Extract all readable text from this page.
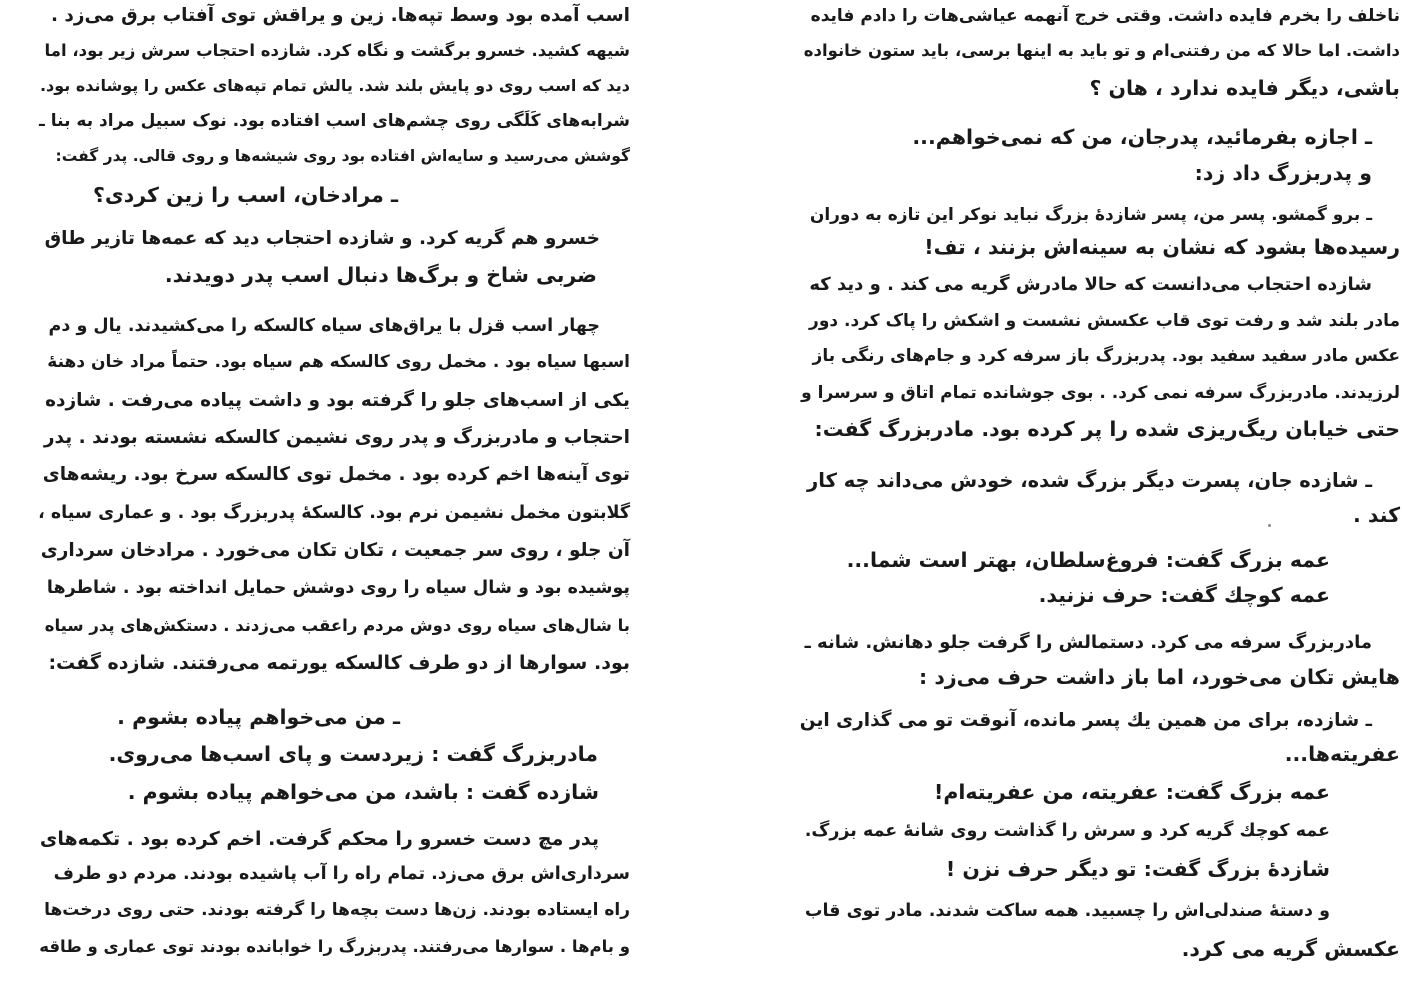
اسب آمده بود وسط تپه‌ها. زین و یراقش توی آفتاب برق می‌زد .
شیهه کشید. خسرو برگشت و نگاه کرد. شازده احتجاب سرش زیر بود، اما
دید که اسب روی دو پایش بلند شد. یالش تمام تپه‌های عکس را پوشانده بود.
شرابه‌های کَلَگی روی چشم‌های اسب افتاده بود. نوک سبیل مراد به بنا ـ
گوشش می‌رسید و سایه‌اش افتاده بود روی شیشه‌ها و روی قالی. پدر گفت:
ـ مرادخان، اسب را زین کردی؟
خسرو هم گریه کرد. و شازده احتجاب دید که عمه‌ها تازیر طاق
ضربی شاخ و برگ‌ها دنبال اسب پدر دویدند.
چهار اسب قزل با یراق‌های سیاه کالسکه را می‌کشیدند. یال و دم
اسبها سیاه بود . مخمل روی کالسکه هم سیاه بود. حتماً مراد خان دهنهٔ
یکی از اسب‌های جلو را گرفته بود و داشت پیاده می‌رفت . شازده
احتجاب و مادربزرگ و پدر روی نشیمن کالسکه نشسته بودند . پدر
توی آینه‌ها اخم کرده بود . مخمل توی کالسکه سرخ بود. ریشه‌های
گلابتون مخمل نشیمن نرم بود. کالسکهٔ پدربزرگ بود . و عماری سیاه ،
آن جلو ، روی سر جمعیت ، تکان تکان می‌خورد . مرادخان سرداری
پوشیده بود و شال سیاه را روی دوشش حمایل انداخته بود . شاطرها
با شال‌های سیاه روی دوش مردم راعقب می‌زدند . دستکش‌های پدر سیاه
بود. سوارها از دو طرف کالسکه یورتمه می‌رفتند. شازده گفت:
ـ من می‌خواهم پیاده بشوم .
مادربزرگ گفت : زیردست و پای اسب‌ها می‌روی.
شازده گفت : باشد، من می‌خواهم پیاده بشوم .
پدر مچ دست خسرو را محکم گرفت. اخم کرده بود . تکمه‌های
سرداری‌اش برق می‌زد. تمام راه را آب پاشیده بودند. مردم دو طرف
راه ایستاده بودند. زن‌ها دست بچه‌ها را گرفته بودند. حتی روی درخت‌ها
و بام‌ها . سوارها می‌رفتند. پدربزرگ را خوابانده بودند توی عماری و طاقه
ناخلف را بخرم فایده داشت. وقتی خرج آنهمه عیاشی‌هات را دادم فایده
داشت. اما حالا که من رفتنی‌ام و تو باید به اینها برسی، باید ستون خانواده
باشی، دیگر فایده ندارد ، هان ؟
ـ اجازه بفرمائید، پدرجان، من که نمی‌خواهم...
و پدربزرگ داد زد:
ـ برو گمشو. پسر من، پسر شازدهٔ بزرگ نباید نوکر این تازه به دوران
رسیده‌ها بشود که نشان به سینه‌اش بزنند ، تف!
شازده احتجاب می‌دانست که حالا مادرش گریه می کند . و دید که
مادر بلند شد و رفت توی قاب عکسش نشست و اشکش را پاک کرد. دور
عکس مادر سفید سفید بود. پدربزرگ باز سرفه کرد و جام‌های رنگی باز
لرزیدند. مادربزرگ سرفه نمی کرد. . بوی جوشانده تمام اتاق و سرسرا و
حتی خیابان ریگ‌ریزی شده را پر کرده بود. مادربزرگ گفت:
ـ شازده جان، پسرت دیگر بزرگ شده، خودش می‌داند چه کار
کند .
عمه بزرگ گفت: فروغ‌سلطان، بهتر است شما...
عمه کوچك گفت: حرف نزنید.
مادربزرگ سرفه می کرد. دستمالش را گرفت جلو دهانش. شانه ـ
هایش تکان می‌خورد، اما باز داشت حرف می‌زد :
ـ شازده، برای من همین یك پسر مانده، آنوقت تو می گذاری این
عفریته‌ها...
عمه بزرگ گفت: عفریته، من عفریته‌ام!
عمه کوچك گریه کرد و سرش را گذاشت روی شانهٔ عمه بزرگ.
شازدهٔ بزرگ گفت: تو دیگر حرف نزن !
و دستهٔ صندلی‌اش را چسبید. همه ساکت شدند. مادر توی قاب
عکسش گریه می کرد.
